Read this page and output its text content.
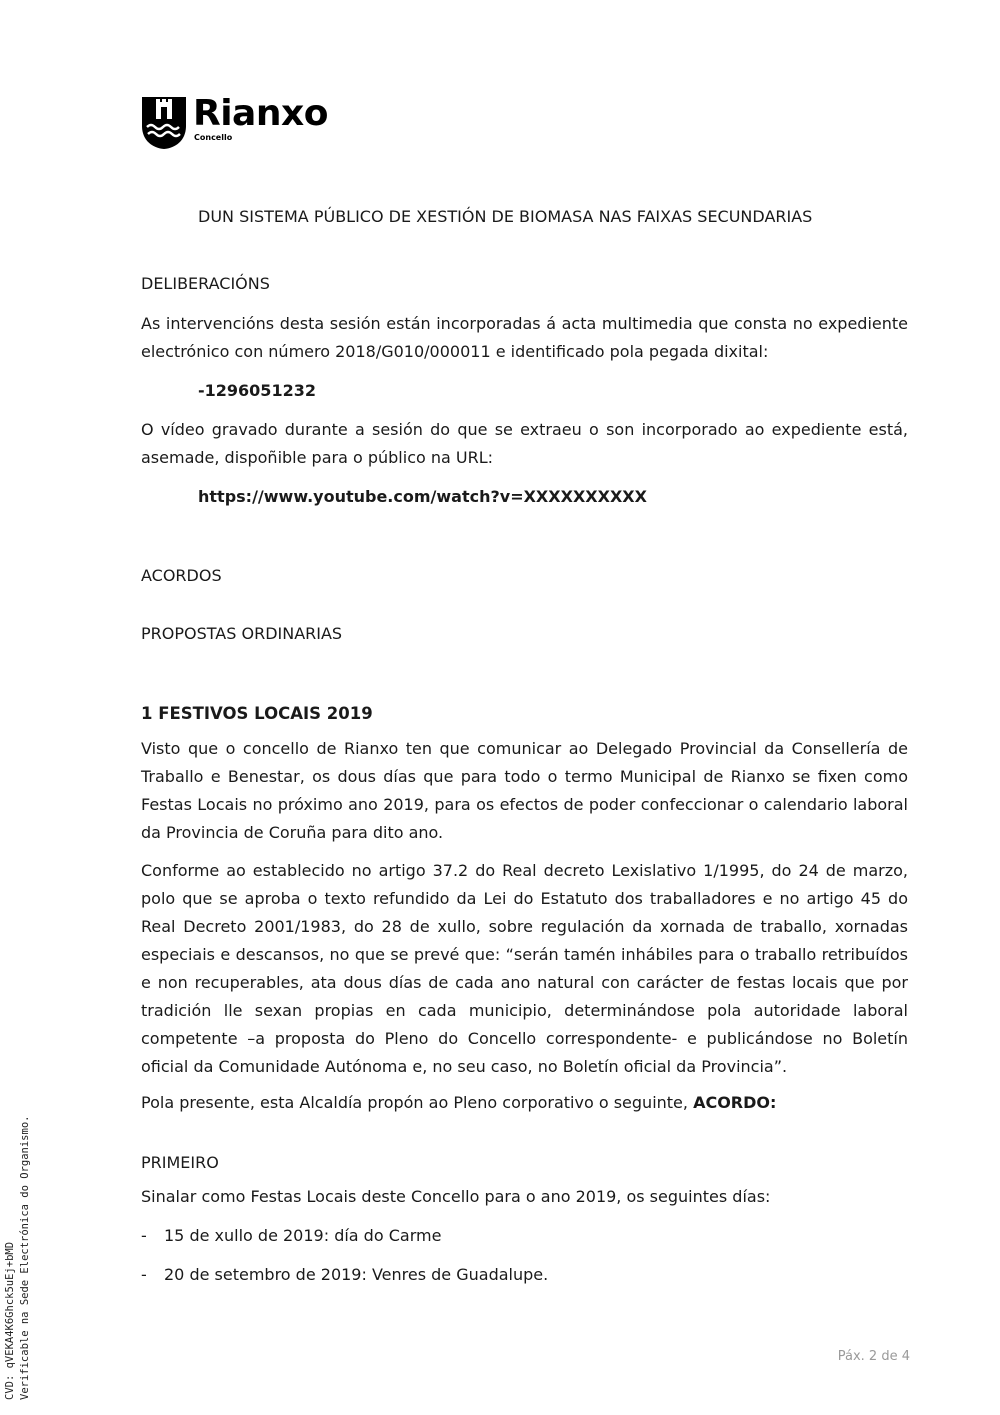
Rianxo
Concello

DUN SISTEMA PÚBLICO DE XESTIÓN DE BIOMASA NAS FAIXAS SECUNDARIAS

DELIBERACIÓNS

As intervencións desta sesión están incorporadas á acta multimedia que consta no expediente electrónico con número 2018/G010/000011 e identificado pola pegada dixital:

-1296051232

O vídeo gravado durante a sesión do que se extraeu o son incorporado ao expediente está, asemade, dispoñible para o público na URL:

https://www.youtube.com/watch?v=XXXXXXXXXX

ACORDOS

PROPOSTAS ORDINARIAS

1 FESTIVOS LOCAIS 2019

Visto que o concello de Rianxo ten que comunicar ao Delegado Provincial da Consellería de Traballo e Benestar, os dous días que para todo o termo Municipal de Rianxo se fixen como Festas Locais no próximo ano 2019, para os efectos de poder confeccionar o calendario laboral da Provincia de Coruña para dito ano.

Conforme ao establecido no artigo 37.2 do Real decreto Lexislativo 1/1995, do 24 de marzo, polo que se aproba o texto refundido da Lei do Estatuto dos traballadores e no artigo 45 do Real Decreto 2001/1983, do 28 de xullo, sobre regulación da xornada de traballo, xornadas especiais e descansos, no que se prevé que: “serán tamén inhábiles para o traballo retribuídos e non recuperables, ata dous días de cada ano natural con carácter de festas locais que por tradición lle sexan propias en cada municipio, determinándose pola autoridade laboral competente –a proposta do Pleno do Concello correspondente- e publicándose no Boletín oficial da Comunidade Autónoma e, no seu caso, no Boletín oficial da Provincia”.

Pola presente, esta Alcaldía propón ao Pleno corporativo o seguinte, ACORDO:

PRIMEIRO

Sinalar como Festas Locais deste Concello para o ano 2019, os seguintes días:

- 15 de xullo de 2019: día do Carme
- 20 de setembro de 2019: Venres de Guadalupe.
Páx. 2 de 4
CVD: qVEKA4K6Ghck5uEj+bMD Verificable na Sede Electrónica do Organismo.
